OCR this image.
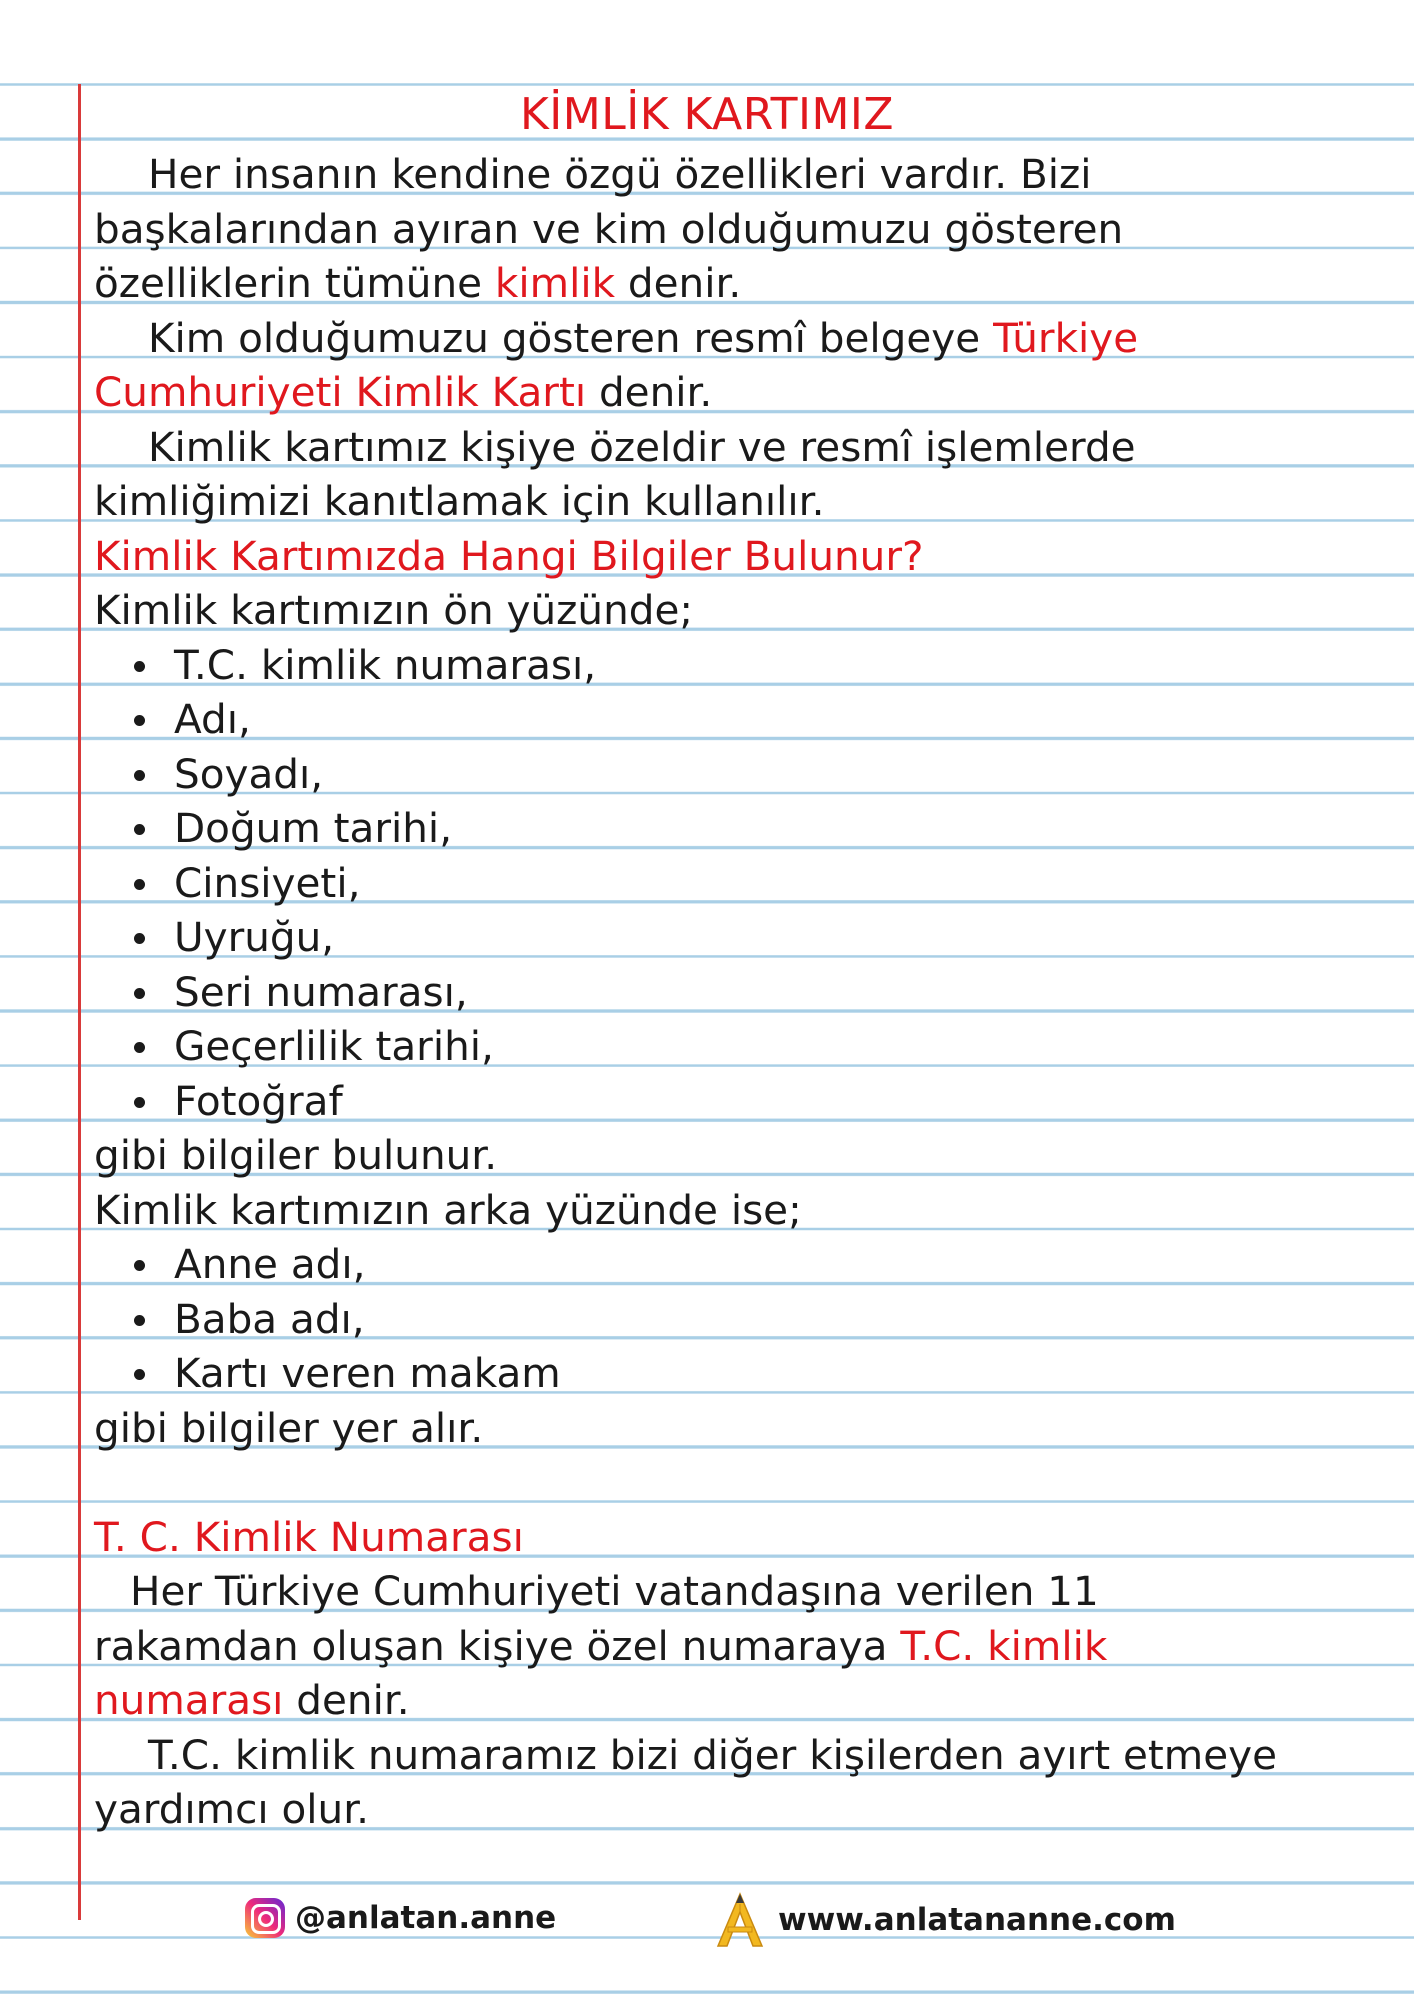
KİMLİK KARTIMIZ

Her insanın kendine özgü özellikleri vardır. Bizi

başkalarından ayıran ve kim olduğumuzu gösteren

özelliklerin tümüne kimlik denir.

Kim olduğumuzu gösteren resmî belgeye Türkiye

Cumhuriyeti Kimlik Kartı denir.

Kimlik kartımız kişiye özeldir ve resmî işlemlerde

kimliğimizi kanıtlamak için kullanılır.

Kimlik Kartımızda Hangi Bilgiler Bulunur?

Kimlik kartımızın ön yüzünde;

T.C. kimlik numarası,
Adı,
Soyadı,
Doğum tarihi,
Cinsiyeti,
Uyruğu,
Seri numarası,
Geçerlilik tarihi,
Fotoğraf

gibi bilgiler bulunur.

Kimlik kartımızın arka yüzünde ise;

Anne adı,
Baba adı,
Kartı veren makam

gibi bilgiler yer alır.

T. C. Kimlik Numarası

Her Türkiye Cumhuriyeti vatandaşına verilen 11

rakamdan oluşan kişiye özel numaraya T.C. kimlik

numarası denir.

T.C. kimlik numaramız bizi diğer kişilerden ayırt etmeye

yardımcı olur.

@anlatan.anne	www.anlatananne.com
